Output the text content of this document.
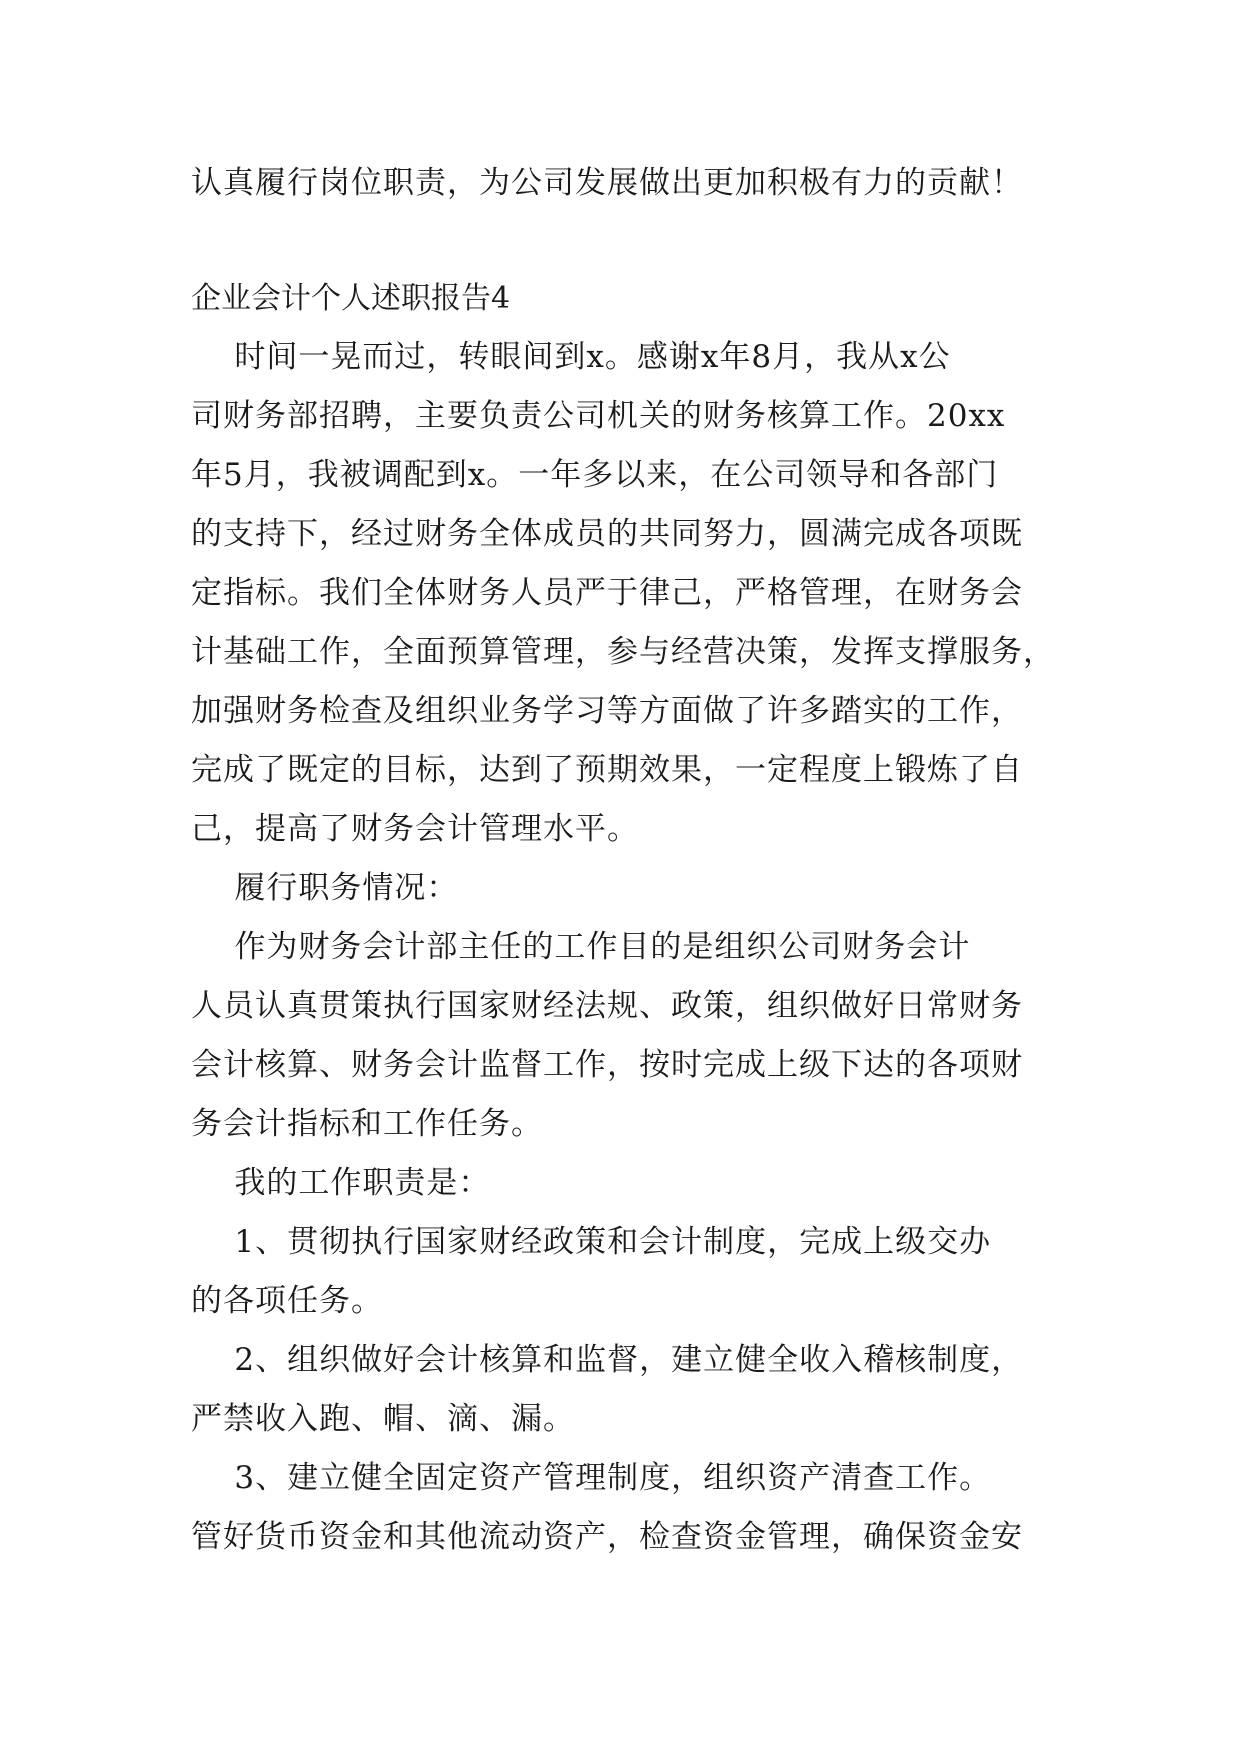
认真履行岗位职责，为公司发展做出更加积极有力的贡献！
企业会计个人述职报告4
时间一晃而过，转眼间到x。感谢x年8月，我从x公
司财务部招聘，主要负责公司机关的财务核算工作。20xx
年5月，我被调配到x。一年多以来，在公司领导和各部门
的支持下，经过财务全体成员的共同努力，圆满完成各项既
定指标。我们全体财务人员严于律己，严格管理，在财务会
计基础工作，全面预算管理，参与经营决策，发挥支撑服务，
加强财务检查及组织业务学习等方面做了许多踏实的工作，
完成了既定的目标，达到了预期效果，一定程度上锻炼了自
己，提高了财务会计管理水平。
履行职务情况：
作为财务会计部主任的工作目的是组织公司财务会计
人员认真贯策执行国家财经法规、政策，组织做好日常财务
会计核算、财务会计监督工作，按时完成上级下达的各项财
务会计指标和工作任务。
我的工作职责是：
1、贯彻执行国家财经政策和会计制度，完成上级交办
的各项任务。
2、组织做好会计核算和监督，建立健全收入稽核制度，
严禁收入跑、帽、滴、漏。
3、建立健全固定资产管理制度，组织资产清查工作。
管好货币资金和其他流动资产，检查资金管理，确保资金安
